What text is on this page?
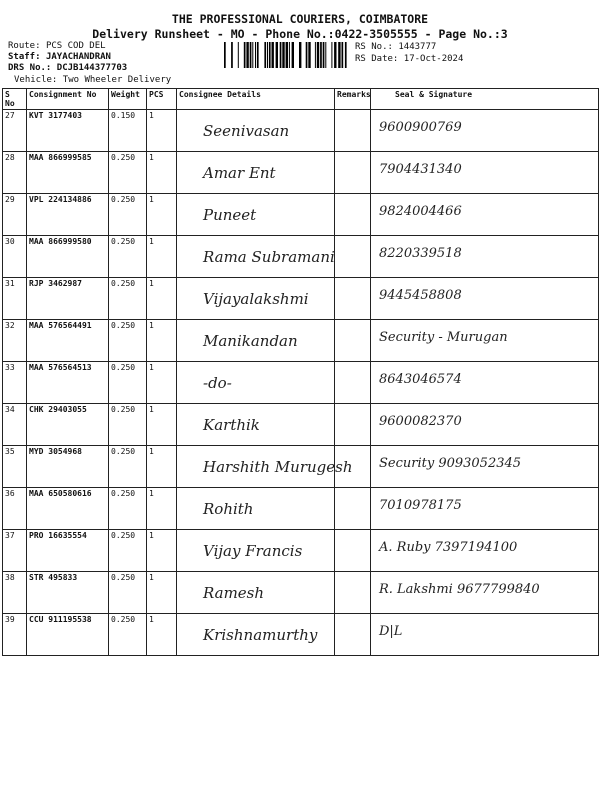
THE PROFESSIONAL COURIERS, COIMBATORE
Delivery Runsheet - MO - Phone No.:0422-3505555 - Page No.:3
Route: PCS COD DEL
Staff: JAYACHANDRAN
DRS No.: DCJB144377703
Vehicle: Two Wheeler Delivery
RS No.: 1443777
RS Date: 17-Oct-2024
S No	Consignment No	Weight	PCS	Consignee Details	Remarks	Seal & Signature
27	KVT 3177403	0.150	1	Seenivasan		9600900769

28	MAA 866999585	0.250	1	Amar Ent		7904431340

29	VPL 224134886	0.250	1	Puneet		9824004466

30	MAA 866999580	0.250	1	Rama Subramani		8220339518

31	RJP 3462987	0.250	1	Vijayalakshmi		9445458808

32	MAA 576564491	0.250	1	Manikandan		Security - Murugan

33	MAA 576564513	0.250	1	-do-		8643046574

34	CHK 29403055	0.250	1	Karthik		9600082370

35	MYD 3054968	0.250	1	Harshith Murugesh		Security 9093052345

36	MAA 650580616	0.250	1	Rohith		7010978175

37	PRO 16635554	0.250	1	Vijay Francis		A. Ruby 7397194100

38	STR 495833	0.250	1	Ramesh		R. Lakshmi 9677799840

39	CCU 911195538	0.250	1	Krishnamurthy		D|L
